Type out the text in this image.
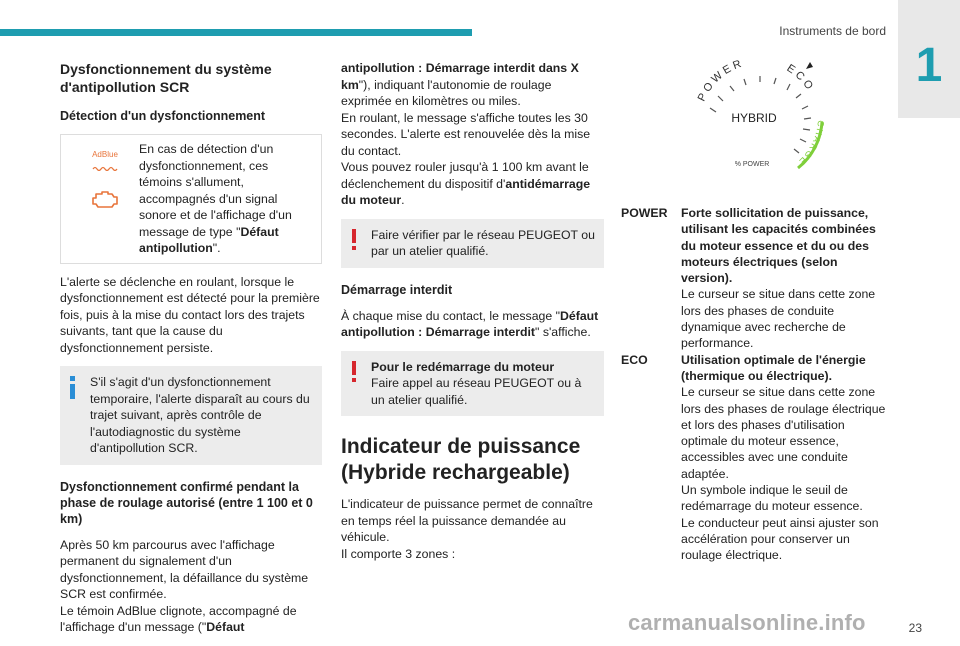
Instruments de bord
1
Dysfonctionnement du système d'antipollution SCR
Détection d'un dysfonctionnement
AdBlue En cas de détection d'un dysfonctionnement, ces témoins s'allument, accompagnés d'un signal sonore et de l'affichage d'un message de type "Défaut antipollution".

L'alerte se déclenche en roulant, lorsque le dysfonctionnement est détecté pour la première fois, puis à la mise du contact lors des trajets suivants, tant que la cause du dysfonctionnement persiste.

S'il s'agit d'un dysfonctionnement temporaire, l'alerte disparaît au cours du trajet suivant, après contrôle de l'autodiagnostic du système d'antipollution SCR.
Dysfonctionnement confirmé pendant la phase de roulage autorisé (entre 1 100 et 0 km)

Après 50 km parcourus avec l'affichage permanent du signalement d'un dysfonctionnement, la défaillance du système SCR est confirmée.

Le témoin AdBlue clignote, accompagné de l'affichage d'un message ("Défaut

antipollution : Démarrage interdit dans X km"), indiquant l'autonomie de roulage exprimée en kilomètres ou miles.

En roulant, le message s'affiche toutes les 30 secondes. L'alerte est renouvelée dès la mise du contact.

Vous pouvez rouler jusqu'à 1 100 km avant le déclenchement du dispositif d'antidémarrage du moteur.

Faire vérifier par le réseau PEUGEOT ou par un atelier qualifié.
Démarrage interdit

À chaque mise du contact, le message "Défaut antipollution : Démarrage interdit" s'affiche.

Pour le redémarrage du moteur
Faire appel au réseau PEUGEOT ou à un atelier qualifié.
Indicateur de puissance (Hybride rechargeable)

L'indicateur de puissance permet de connaître en temps réel la puissance demandée au véhicule.

Il comporte 3 zones :

POWER	ECO
CHARGE
HYBRID
% POWER
POWER	Forte sollicitation de puissance, utilisant les capacités combinées du moteur essence et du ou des moteurs électriques (selon version).
Le curseur se situe dans cette zone lors des phases de conduite dynamique avec recherche de performance.
ECO	Utilisation optimale de l'énergie (thermique ou électrique).
Le curseur se situe dans cette zone lors des phases de roulage électrique et lors des phases d'utilisation optimale du moteur essence, accessibles avec une conduite adaptée.
Un symbole indique le seuil de redémarrage du moteur essence.
Le conducteur peut ainsi ajuster son accélération pour conserver un roulage électrique.
carmanualsonline.info	23
